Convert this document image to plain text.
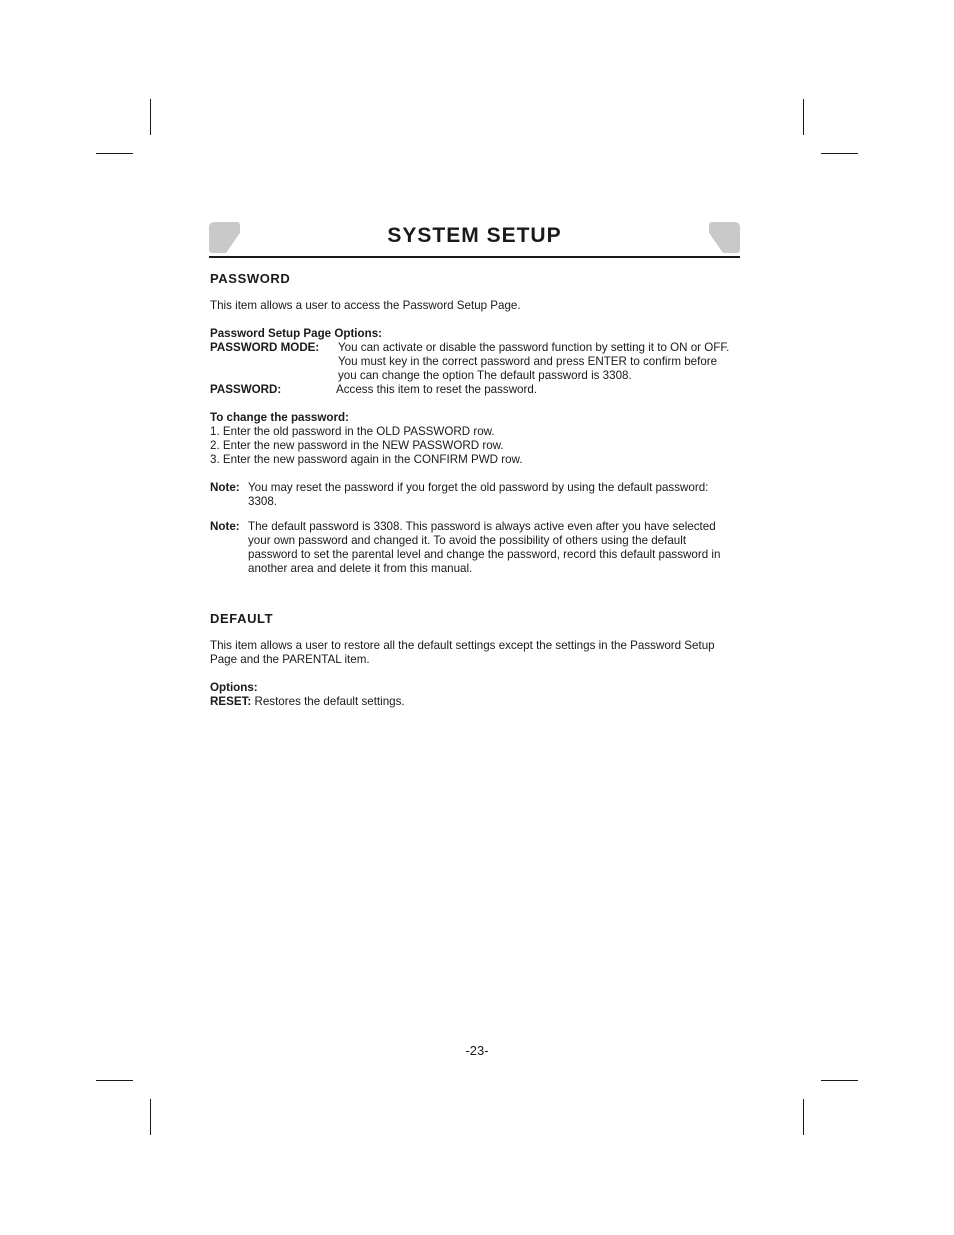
SYSTEM SETUP
PASSWORD

This item allows a user to access the Password Setup Page.

Password Setup Page Options:

PASSWORD MODE:	You can activate or disable the password function by setting it to ON or OFF. You must key in the correct password and press ENTER to confirm before you can change the option The default password is 3308.
PASSWORD:	Access this item to reset the password.

To change the password:

1. Enter the old password in the OLD PASSWORD row.

2. Enter the new password in the NEW PASSWORD row.

3. Enter the new password again in the CONFIRM PWD row.

Note: You may reset the password if you forget the old password by using the default password: 3308.
Note: The default password is 3308. This password is always active even after you have selected your own password and changed it. To avoid the possibility of others using the default password to set the parental level and change the password, record this default password in another area and delete it from this manual.
DEFAULT

This item allows a user to restore all the default settings except the settings in the Password Setup Page and the PARENTAL item.

Options:

RESET: Restores the default settings.

-23-
